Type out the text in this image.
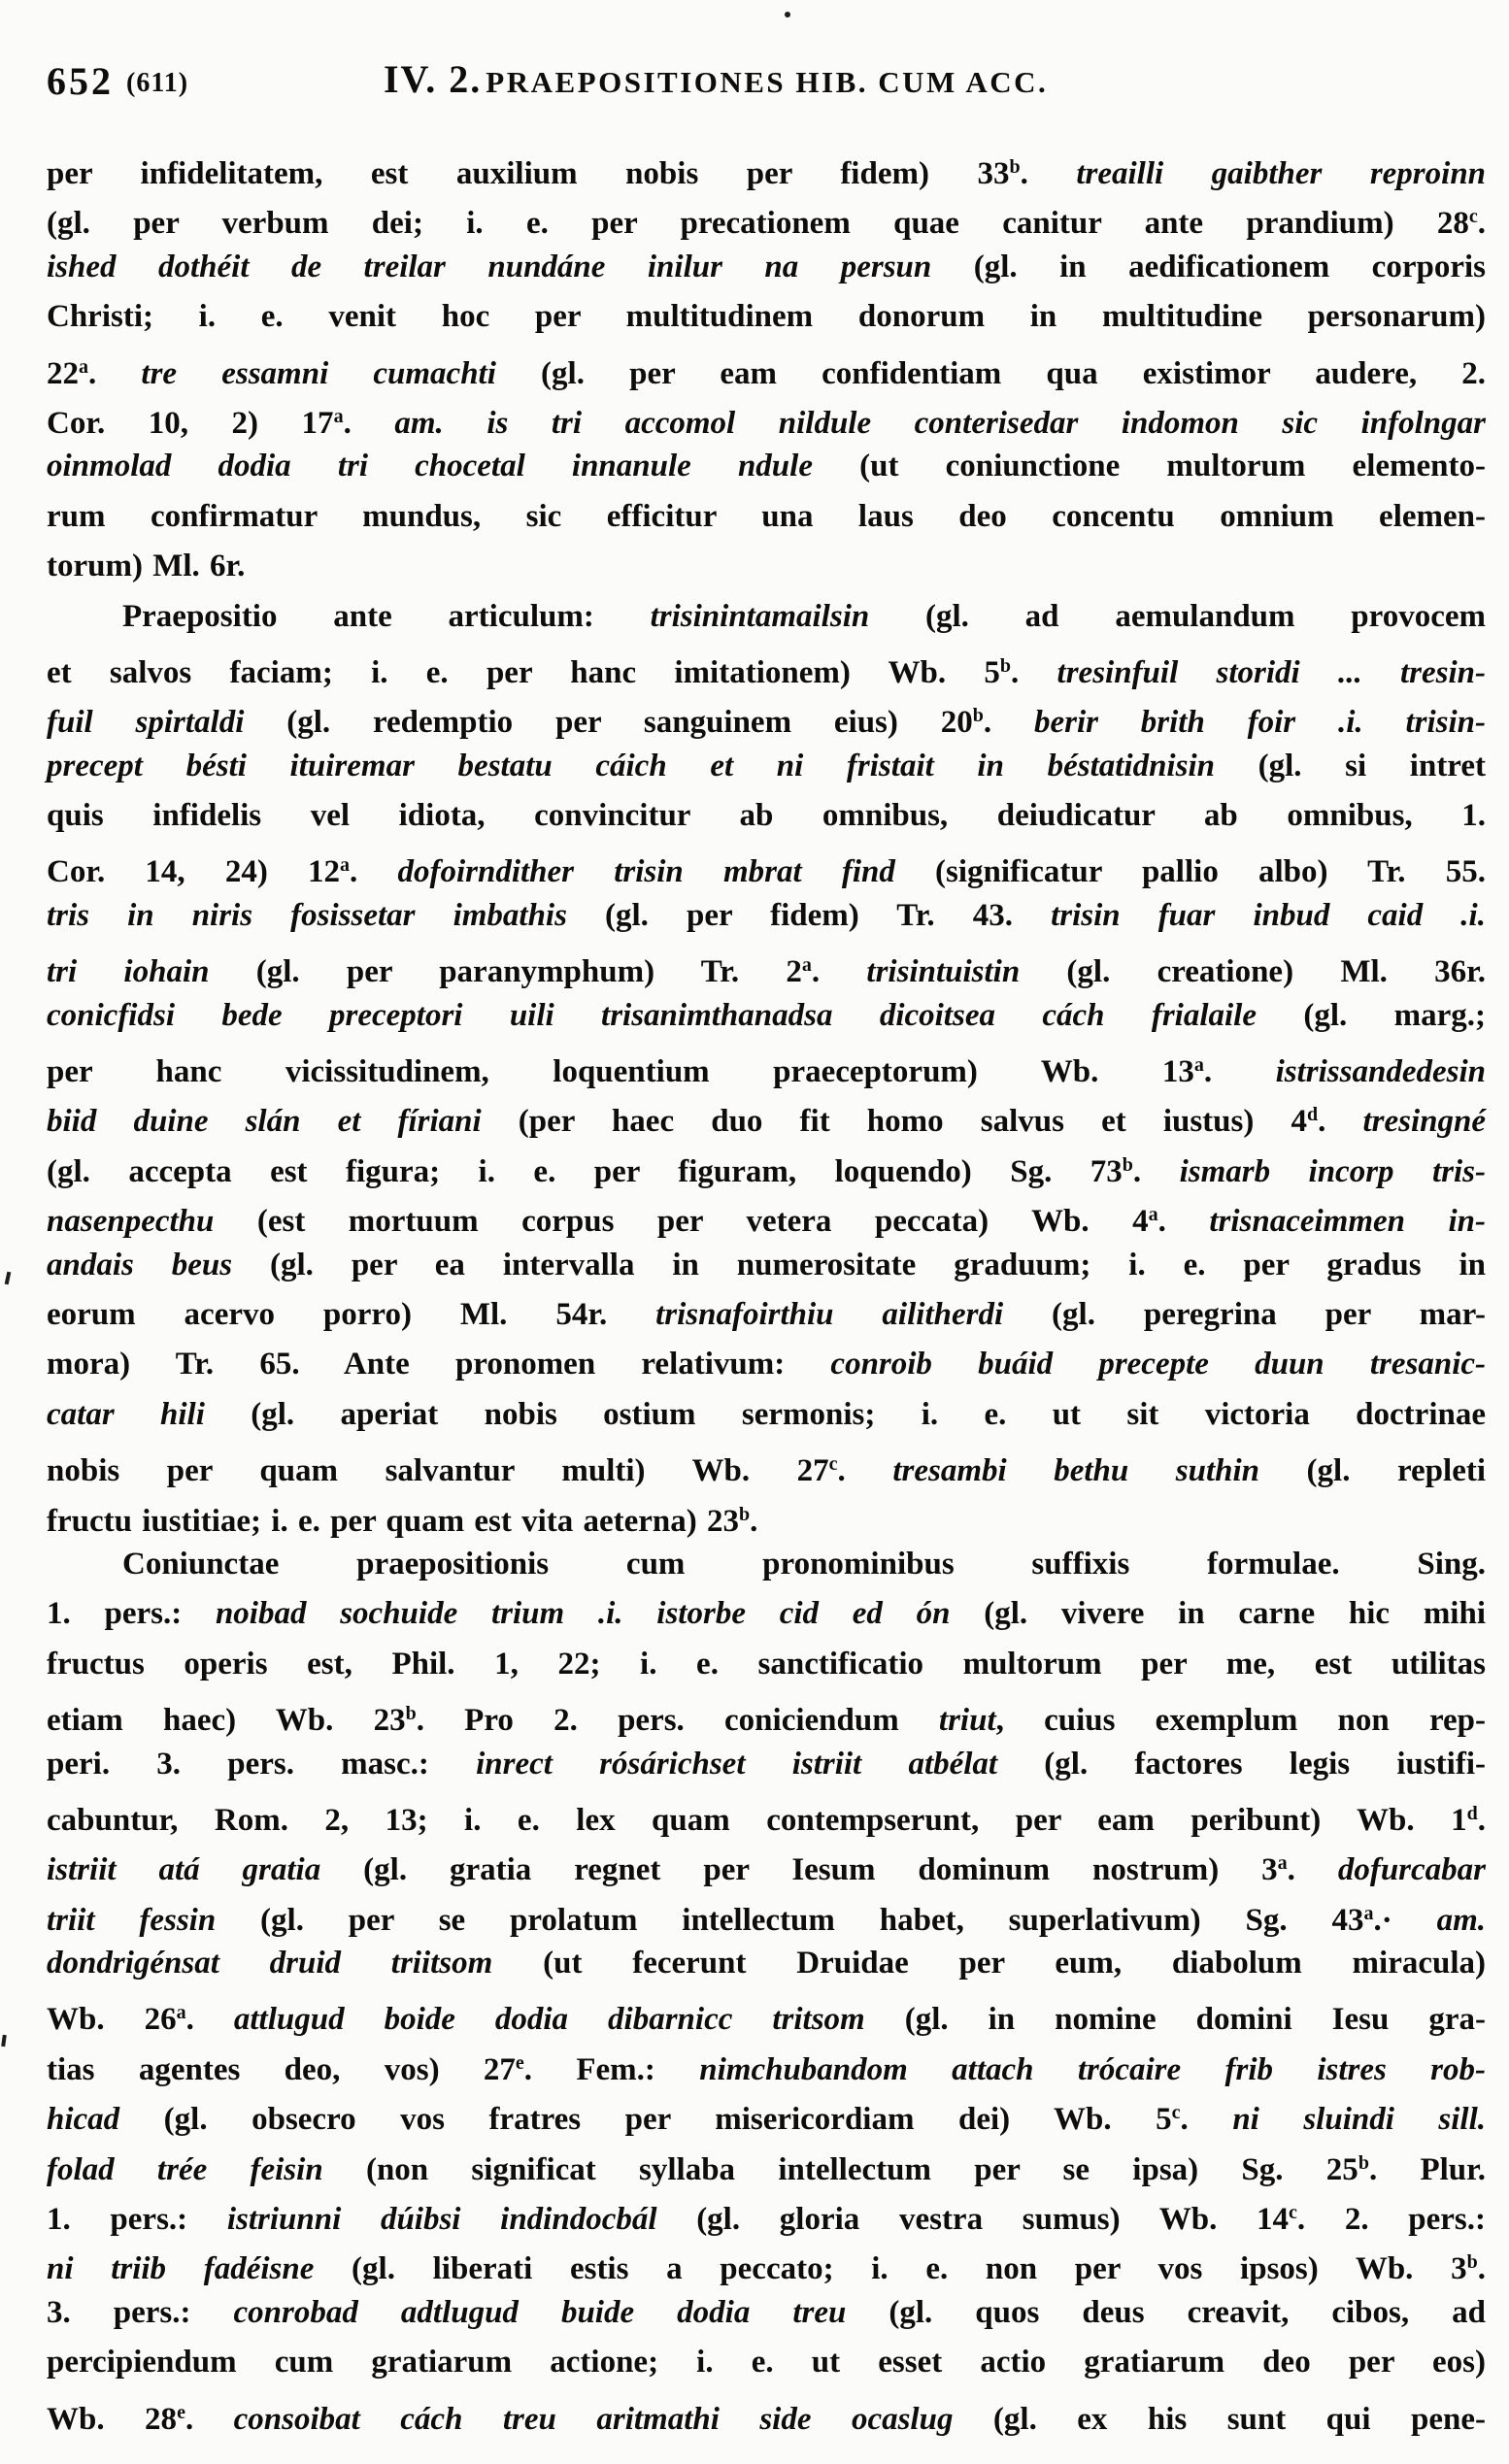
652 (611)	IV. 2. PRAEPOSITIONES HIB. CUM ACC.
per infidelitatem, est auxilium nobis per fidem) 33$^b$. treailli gaibther reproinn
(gl. per verbum dei; i. e. per precationem quae canitur ante prandium) 28$^c$.
ished dothéit de treilar nundáne inilur na persun (gl. in aedificationem corporis
Christi; i. e. venit hoc per multitudinem donorum in multitudine personarum)
22$^a$. tre essamni cumachti (gl. per eam confidentiam qua existimor audere, 2.
Cor. 10, 2) 17$^a$. am. is tri accomol nildule conterisedar indomon sic infolngar
oinmolad dodia tri chocetal innanule ndule (ut coniunctione multorum elemento-
rum confirmatur mundus, sic efficitur una laus deo concentu omnium elemen-
torum) Ml. 6r.
Praepositio ante articulum: trisinintamailsin (gl. ad aemulandum provocem
et salvos faciam; i. e. per hanc imitationem) Wb. 5$^b$. tresinfuil storidi ... tresin-
fuil spirtaldi (gl. redemptio per sanguinem eius) 20$^b$. berir brith foir .i. trisin-
precept bésti ituiremar bestatu cáich et ni fristait in béstatidnisin (gl. si intret
quis infidelis vel idiota, convincitur ab omnibus, deiudicatur ab omnibus, 1.
Cor. 14, 24) 12$^a$. dofoirndither trisin mbrat find (significatur pallio albo) Tr. 55.
tris in niris fosissetar imbathis (gl. per fidem) Tr. 43. trisin fuar inbud caid .i.
tri iohain (gl. per paranymphum) Tr. 2$^a$. trisintuistin (gl. creatione) Ml. 36r.
conicfidsi bede preceptori uili trisanimthanadsa dicoitsea cách frialaile (gl. marg.;
per hanc vicissitudinem, loquentium praeceptorum) Wb. 13$^a$. istrissandedesin
biid duine slán et fíriani (per haec duo fit homo salvus et iustus) 4$^d$. tresingné
(gl. accepta est figura; i. e. per figuram, loquendo) Sg. 73$^b$. ismarb incorp tris-
nasenpecthu (est mortuum corpus per vetera peccata) Wb. 4$^a$. trisnaceimmen in-
andais beus (gl. per ea intervalla in numerositate graduum; i. e. per gradus in
eorum acervo porro) Ml. 54r. trisnafoirthiu ailitherdi (gl. peregrina per mar-
mora) Tr. 65. Ante pronomen relativum: conroib buáid precepte duun tresanic-
catar hili (gl. aperiat nobis ostium sermonis; i. e. ut sit victoria doctrinae
nobis per quam salvantur multi) Wb. 27$^c$. tresambi bethu suthin (gl. repleti
fructu iustitiae; i. e. per quam est vita aeterna) 23$^b$.
Coniunctae praepositionis cum pronominibus suffixis formulae. Sing.
1. pers.: noibad sochuide trium .i. istorbe cid ed ón (gl. vivere in carne hic mihi
fructus operis est, Phil. 1, 22; i. e. sanctificatio multorum per me, est utilitas
etiam haec) Wb. 23$^b$. Pro 2. pers. coniciendum triut, cuius exemplum non rep-
peri. 3. pers. masc.: inrect rósárichset istriit atbélat (gl. factores legis iustifi-
cabuntur, Rom. 2, 13; i. e. lex quam contempserunt, per eam peribunt) Wb. 1$^d$.
istriit atá gratia (gl. gratia regnet per Iesum dominum nostrum) 3$^a$. dofurcabar
triit fessin (gl. per se prolatum intellectum habet, superlativum) Sg. $43^a.\cdot$ am.
dondrigénsat druid triitsom (ut fecerunt Druidae per eum, diabolum miracula)
Wb. 26$^a$. attlugud boide dodia dibarnicc tritsom (gl. in nomine domini Iesu gra-
tias agentes deo, vos) 27e. Fem.: nimchubandom attach trócaire frib istres rob-
hicad (gl. obsecro vos fratres per misericordiam dei) Wb. 5$^c$. ni sluindi sill.
folad trée feisin (non significat syllaba intellectum per se ipsa) Sg. 25$^b$. Plur.
1. pers.: istriunni dúibsi indindocbál (gl. gloria vestra sumus) Wb. 14$^c$. 2. pers.:
ni triib fadéisne (gl. liberati estis a peccato; i. e. non per vos ipsos) Wb. 3$^b$.
3. pers.: conrobad adtlugud buide dodia treu (gl. quos deus creavit, cibos, ad
percipiendum cum gratiarum actione; i. e. ut esset actio gratiarum deo per eos)
Wb. 28e. consoibat cách treu aritmathi side ocaslug (gl. ex his sunt qui pene-
